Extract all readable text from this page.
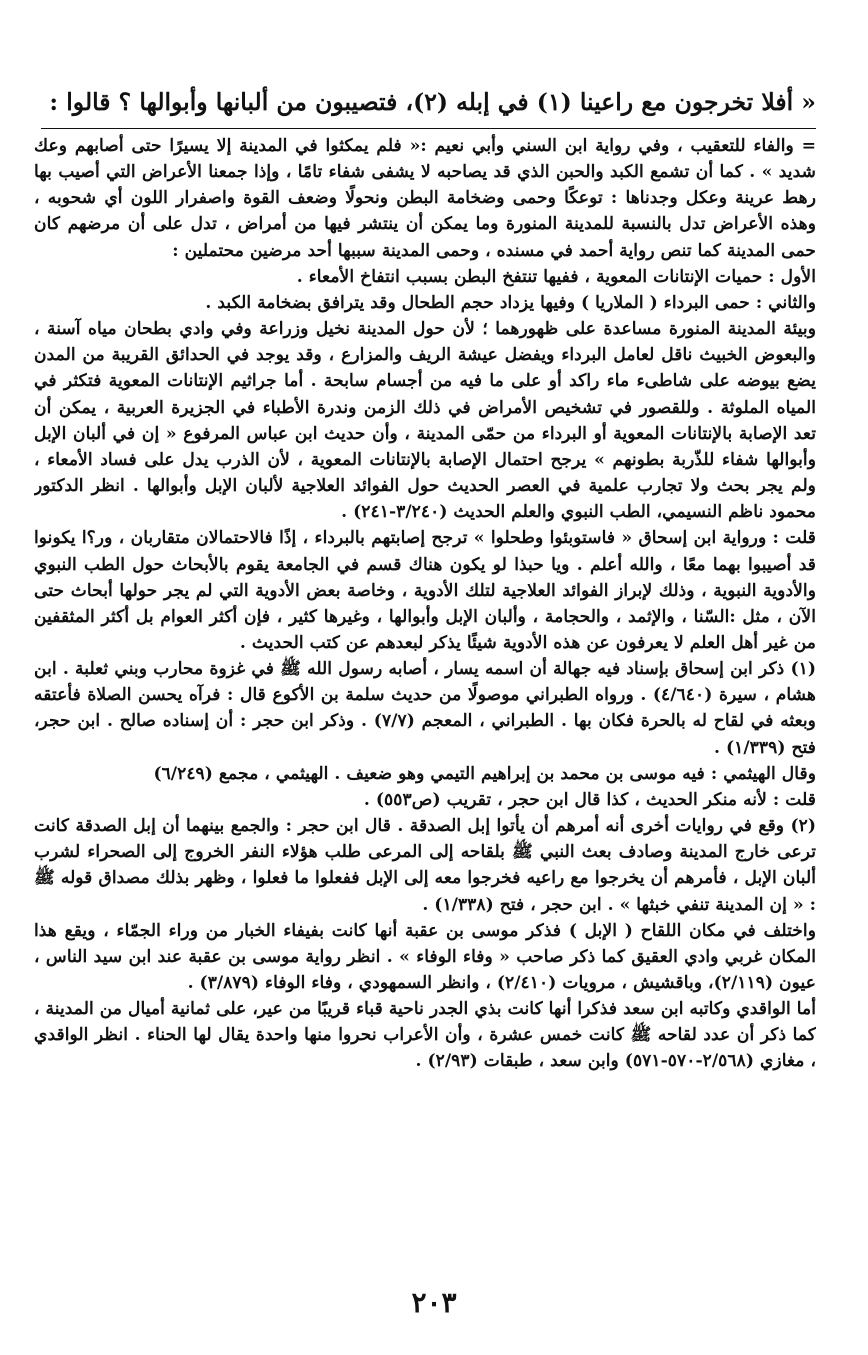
« أفلا تخرجون مع راعينا (١) في إبله (٢)، فتصيبون من ألبانها وأبوالها ؟ قالوا :

= والفاء للتعقيب ، وفي رواية ابن السني وأبي نعيم :« فلم يمكثوا في المدينة إلا يسيرًا حتى أصابهم وعك شديد » . كما أن تشمع الكبد والحبن الذي قد يصاحبه لا يشفى شفاء تامًا ، وإذا جمعنا الأعراض التي أصيب بها رهط عرينة وعكل وجدناها : توعكًا وحمى وضخامة البطن ونحولًا وضعف القوة واصفرار اللون أي شحوبه ، وهذه الأعراض تدل بالنسبة للمدينة المنورة وما يمكن أن ينتشر فيها من أمراض ، تدل على أن مرضهم كان حمى المدينة كما تنص رواية أحمد في مسنده ، وحمى المدينة سببها أحد مرضين محتملين :

الأول : حميات الإنتانات المعوية ، ففيها تنتفخ البطن بسبب انتفاخ الأمعاء .

والثاني : حمى البرداء ( الملاريا ) وفيها يزداد حجم الطحال وقد يترافق بضخامة الكبد .

وبيئة المدينة المنورة مساعدة على ظهورهما ؛ لأن حول المدينة نخيل وزراعة وفي وادي بطحان مياه آسنة ، والبعوض الخبيث ناقل لعامل البرداء ويفضل عيشة الريف والمزارع ، وقد يوجد في الحدائق القريبة من المدن يضع بيوضه على شاطىء ماء راكد أو على ما فيه من أجسام سابحة . أما جراثيم الإنتانات المعوية فتكثر في المياه الملوثة . وللقصور في تشخيص الأمراض في ذلك الزمن وندرة الأطباء في الجزيرة العربية ، يمكن أن تعد الإصابة بالإنتانات المعوية أو البرداء من حمّى المدينة ، وأن حديث ابن عباس المرفوع « إن في ألبان الإبل وأبوالها شفاء للذّربة بطونهم » يرجح احتمال الإصابة بالإنتانات المعوية ، لأن الذرب يدل على فساد الأمعاء ، ولم يجر بحث ولا تجارب علمية في العصر الحديث حول الفوائد العلاجية لألبان الإبل وأبوالها . انظر الدكتور محمود ناظم النسيمي، الطب النبوي والعلم الحديث (٣/٢٤٠-٢٤١) .

قلت : ورواية ابن إسحاق « فاستوبئوا وطحلوا » ترجح إصابتهم بالبرداء ، إذًا فالاحتمالان متقاربان ، ور؟ا يكونوا قد أصيبوا بهما معًا ، والله أعلم . ويا حبذا لو يكون هناك قسم في الجامعة يقوم بالأبحاث حول الطب النبوي والأدوية النبوية ، وذلك لإبراز الفوائد العلاجية لتلك الأدوية ، وخاصة بعض الأدوية التي لم يجر حولها أبحاث حتى الآن ، مثل :السّنا ، والإثمد ، والحجامة ، وألبان الإبل وأبوالها ، وغيرها كثير ، فإن أكثر العوام بل أكثر المثقفين من غير أهل العلم لا يعرفون عن هذه الأدوية شيئًا يذكر لبعدهم عن كتب الحديث .

(١) ذكر ابن إسحاق بإسناد فيه جهالة أن اسمه يسار ، أصابه رسول الله ﷺ في غزوة محارب وبني ثعلبة . ابن هشام ، سيرة (٤/٦٤٠) . ورواه الطبراني موصولًا من حديث سلمة بن الأكوع قال : فرآه يحسن الصلاة فأعتقه وبعثه في لقاح له بالحرة فكان بها . الطبراني ، المعجم (٧/٧) . وذكر ابن حجر : أن إسناده صالح . ابن حجر، فتح (١/٣٣٩) .

وقال الهيثمي : فيه موسى بن محمد بن إبراهيم التيمي وهو ضعيف . الهيثمي ، مجمع (٦/٢٤٩)

قلت : لأنه منكر الحديث ، كذا قال ابن حجر ، تقريب (ص٥٥٣) .

(٢) وقع في روايات أخرى أنه أمرهم أن يأتوا إبل الصدقة . قال ابن حجر : والجمع بينهما أن إبل الصدقة كانت ترعى خارج المدينة وصادف بعث النبي ﷺ بلقاحه إلى المرعى طلب هؤلاء النفر الخروج إلى الصحراء لشرب ألبان الإبل ، فأمرهم أن يخرجوا مع راعيه فخرجوا معه إلى الإبل ففعلوا ما فعلوا ، وظهر بذلك مصداق قوله ﷺ : « إن المدينة تنفي خبثها » . ابن حجر ، فتح (١/٣٣٨) .

واختلف في مكان اللقاح ( الإبل ) فذكر موسى بن عقبة أنها كانت بفيفاء الخبار من وراء الجمّاء ، ويقع هذا المكان غربي وادي العقيق كما ذكر صاحب « وفاء الوفاء » . انظر رواية موسى بن عقبة عند ابن سيد الناس ، عيون (٢/١١٩)، وباقشيش ، مرويات (٢/٤١٠) ، وانظر السمهودي ، وفاء الوفاء (٣/٨٧٩) .

أما الواقدي وكاتبه ابن سعد فذكرا أنها كانت بذي الجدر ناحية قباء قريبًا من عير، على ثمانية أميال من المدينة ، كما ذكر أن عدد لقاحه ﷺ كانت خمس عشرة ، وأن الأعراب نحروا منها واحدة يقال لها الحناء . انظر الواقدي ، مغازي (٢/٥٦٨-٥٧٠-٥٧١) وابن سعد ، طبقات (٢/٩٣) .

٢٠٣
